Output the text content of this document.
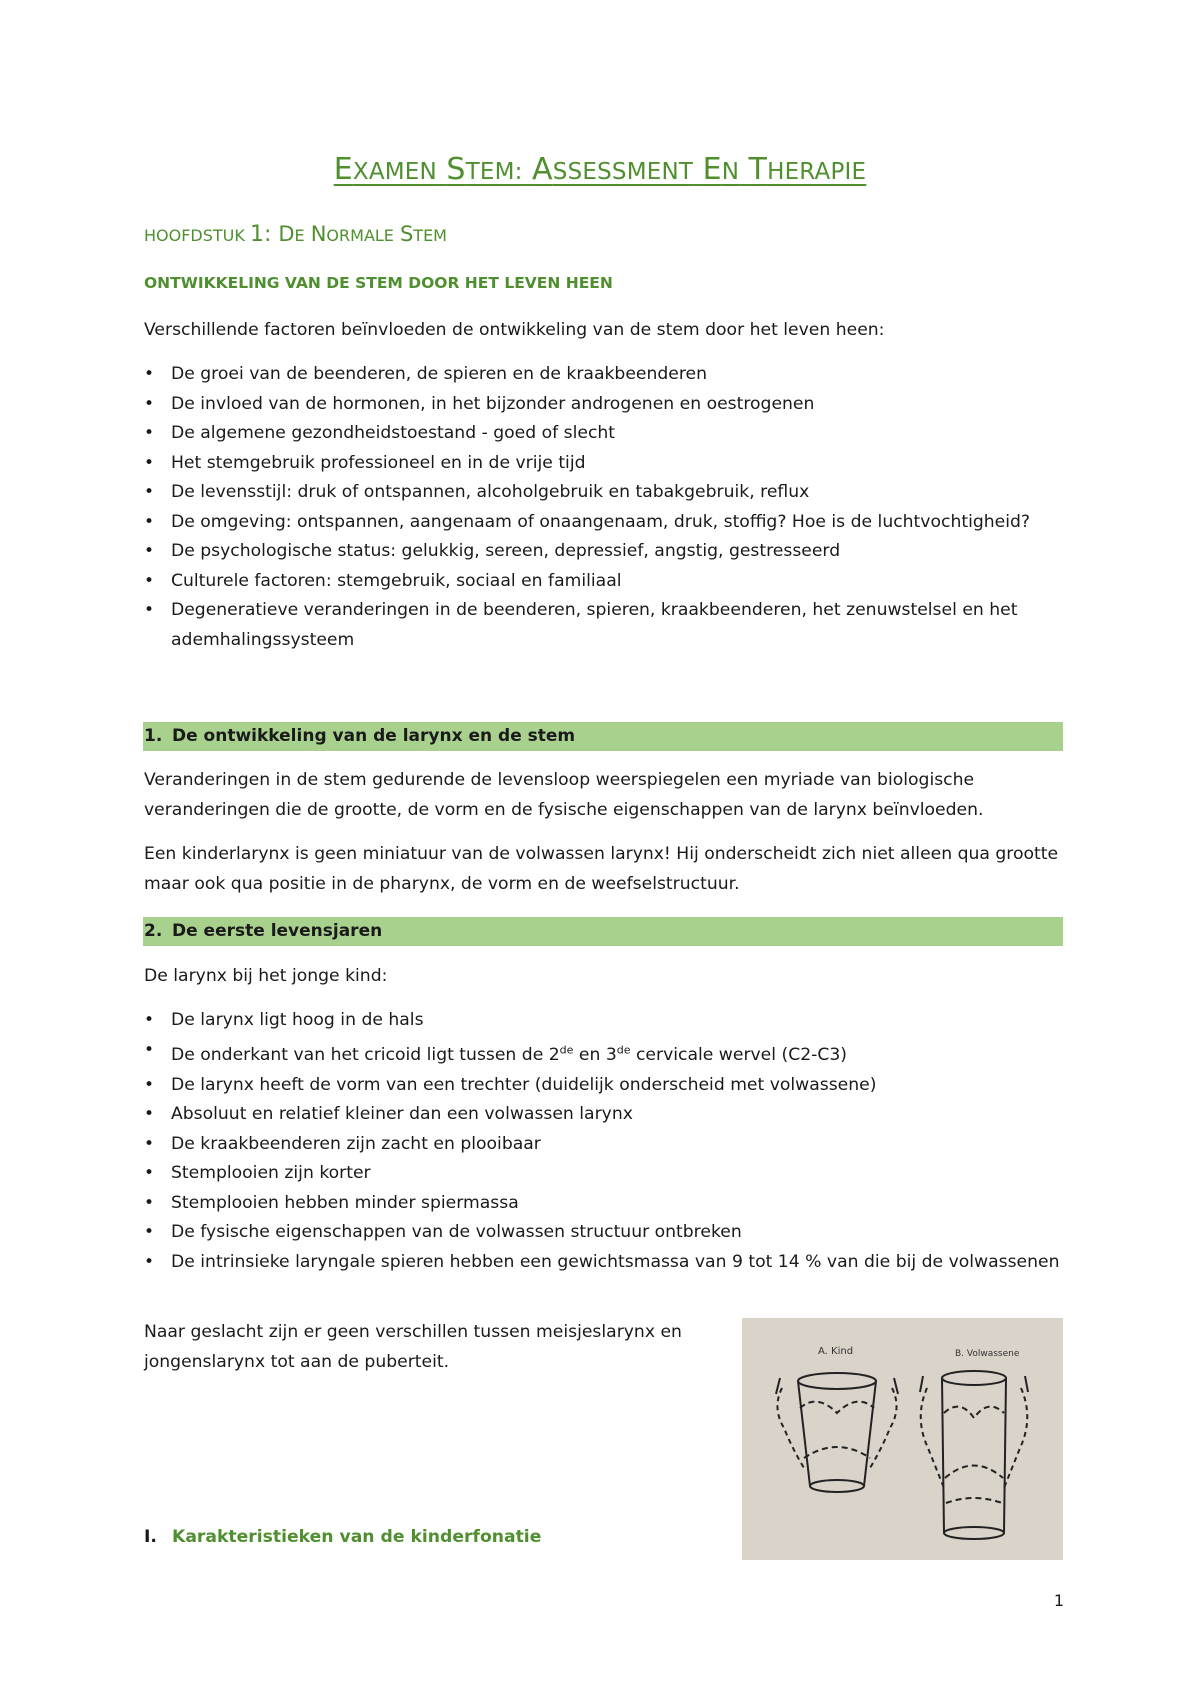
EXAMEN STEM: ASSESSMENT EN THERAPIE
HOOFDSTUK 1: DE NORMALE STEM
ONTWIKKELING VAN DE STEM DOOR HET LEVEN HEEN
Verschillende factoren beïnvloeden de ontwikkeling van de stem door het leven heen:
• De groei van de beenderen, de spieren en de kraakbeenderen
• De invloed van de hormonen, in het bijzonder androgenen en oestrogenen
• De algemene gezondheidstoestand - goed of slecht
• Het stemgebruik professioneel en in de vrije tijd
• De levensstijl: druk of ontspannen, alcoholgebruik en tabakgebruik, reflux
• De omgeving: ontspannen, aangenaam of onaangenaam, druk, stoffig? Hoe is de luchtvochtigheid?
• De psychologische status: gelukkig, sereen, depressief, angstig, gestresseerd
• Culturele factoren: stemgebruik, sociaal en familiaal
• Degeneratieve veranderingen in de beenderen, spieren, kraakbeenderen, het zenuwstelsel en het ademhalingssysteem
1. De ontwikkeling van de larynx en de stem
Veranderingen in de stem gedurende de levensloop weerspiegelen een myriade van biologische veranderingen die de grootte, de vorm en de fysische eigenschappen van de larynx beïnvloeden.
Een kinderlarynx is geen miniatuur van de volwassen larynx! Hij onderscheidt zich niet alleen qua grootte maar ook qua positie in de pharynx, de vorm en de weefselstructuur.
2. De eerste levensjaren
De larynx bij het jonge kind:
• De larynx ligt hoog in de hals
• De onderkant van het cricoid ligt tussen de 2de en 3de cervicale wervel (C2-C3)
• De larynx heeft de vorm van een trechter (duidelijk onderscheid met volwassene)
• Absoluut en relatief kleiner dan een volwassen larynx
• De kraakbeenderen zijn zacht en plooibaar
• Stemplooien zijn korter
• Stemplooien hebben minder spiermassa
• De fysische eigenschappen van de volwassen structuur ontbreken
• De intrinsieke laryngale spieren hebben een gewichtsmassa van 9 tot 14 % van die bij de volwassenen
Naar geslacht zijn er geen verschillen tussen meisjeslarynx en jongenslarynx tot aan de puberteit.	A. Kind	B. Volwassene
I. Karakteristieken van de kinderfonatie
1
